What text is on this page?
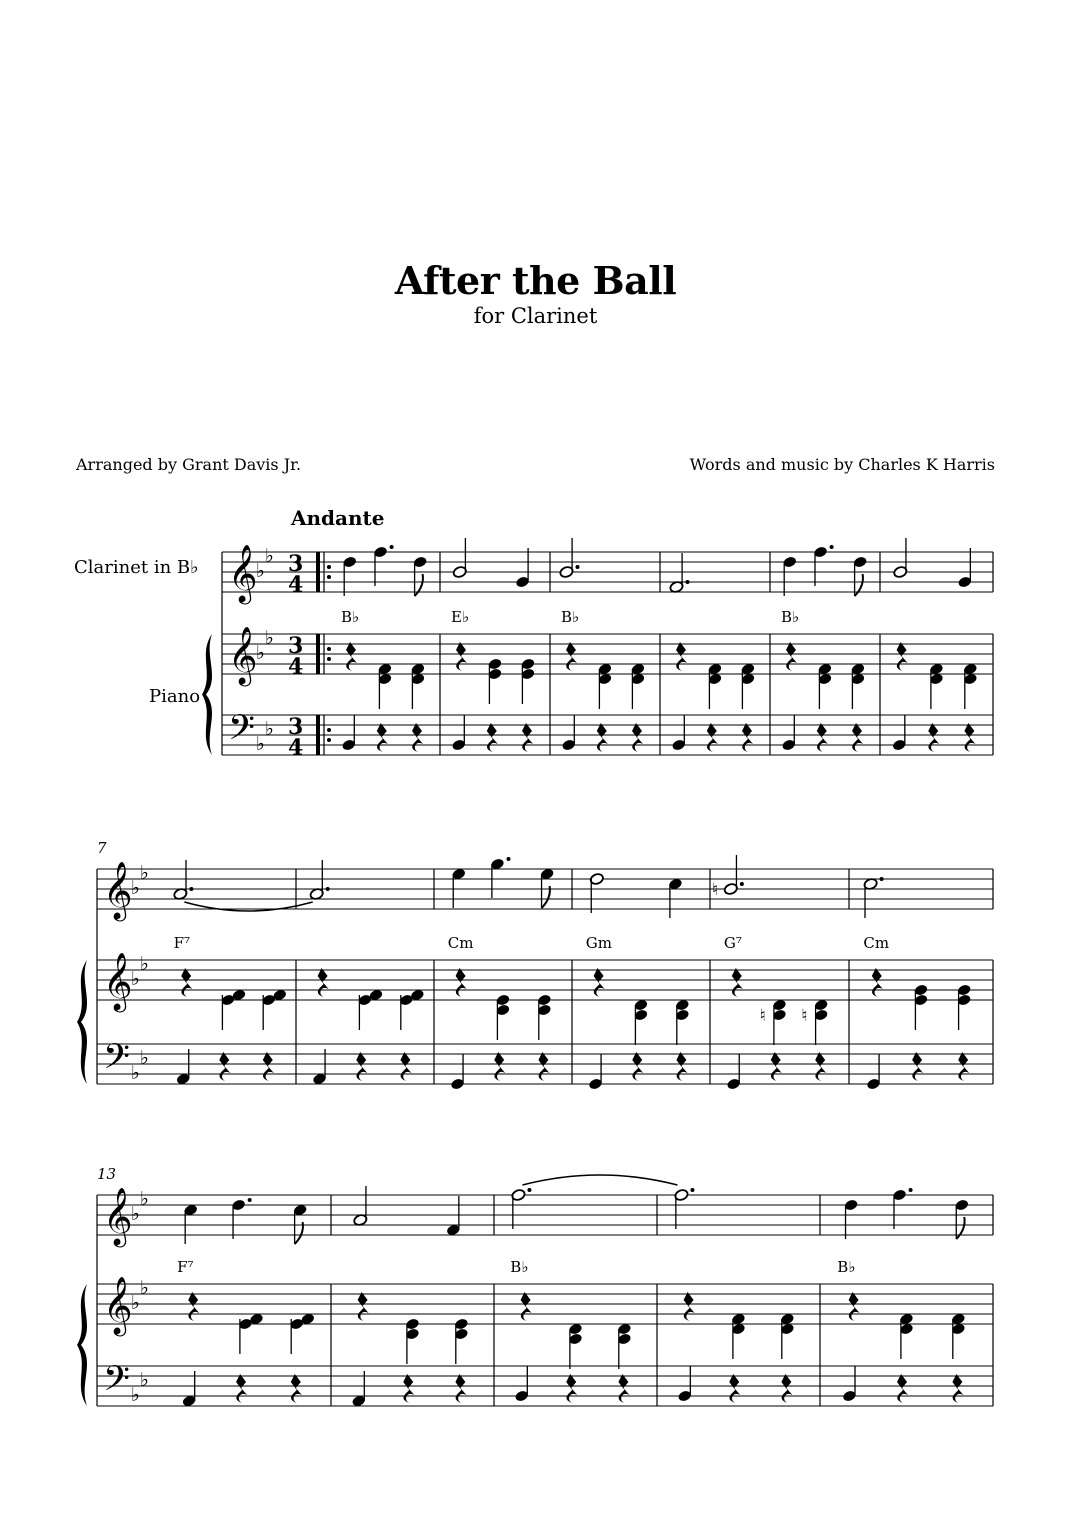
After the Ball
for Clarinet
Arranged by Grant Davis Jr.	Words and music by Charles K Harris
Andante
Clarinet in B♭
Piano
𝄞
𝄞
𝄢
♭
♭
♭
♭
♭
♭
3
4
3
4
3
4
B♭	E♭	B♭	B♭
𝄞
𝄞
𝄢
♭
♭
♭
♭
♭
♭
7
F⁷	Cm	Gm
♮
G⁷
♮ ♮
Cm
𝄞
𝄞
𝄢
♭
♭
♭
♭
♭
♭
13
F⁷	B♭	B♭
